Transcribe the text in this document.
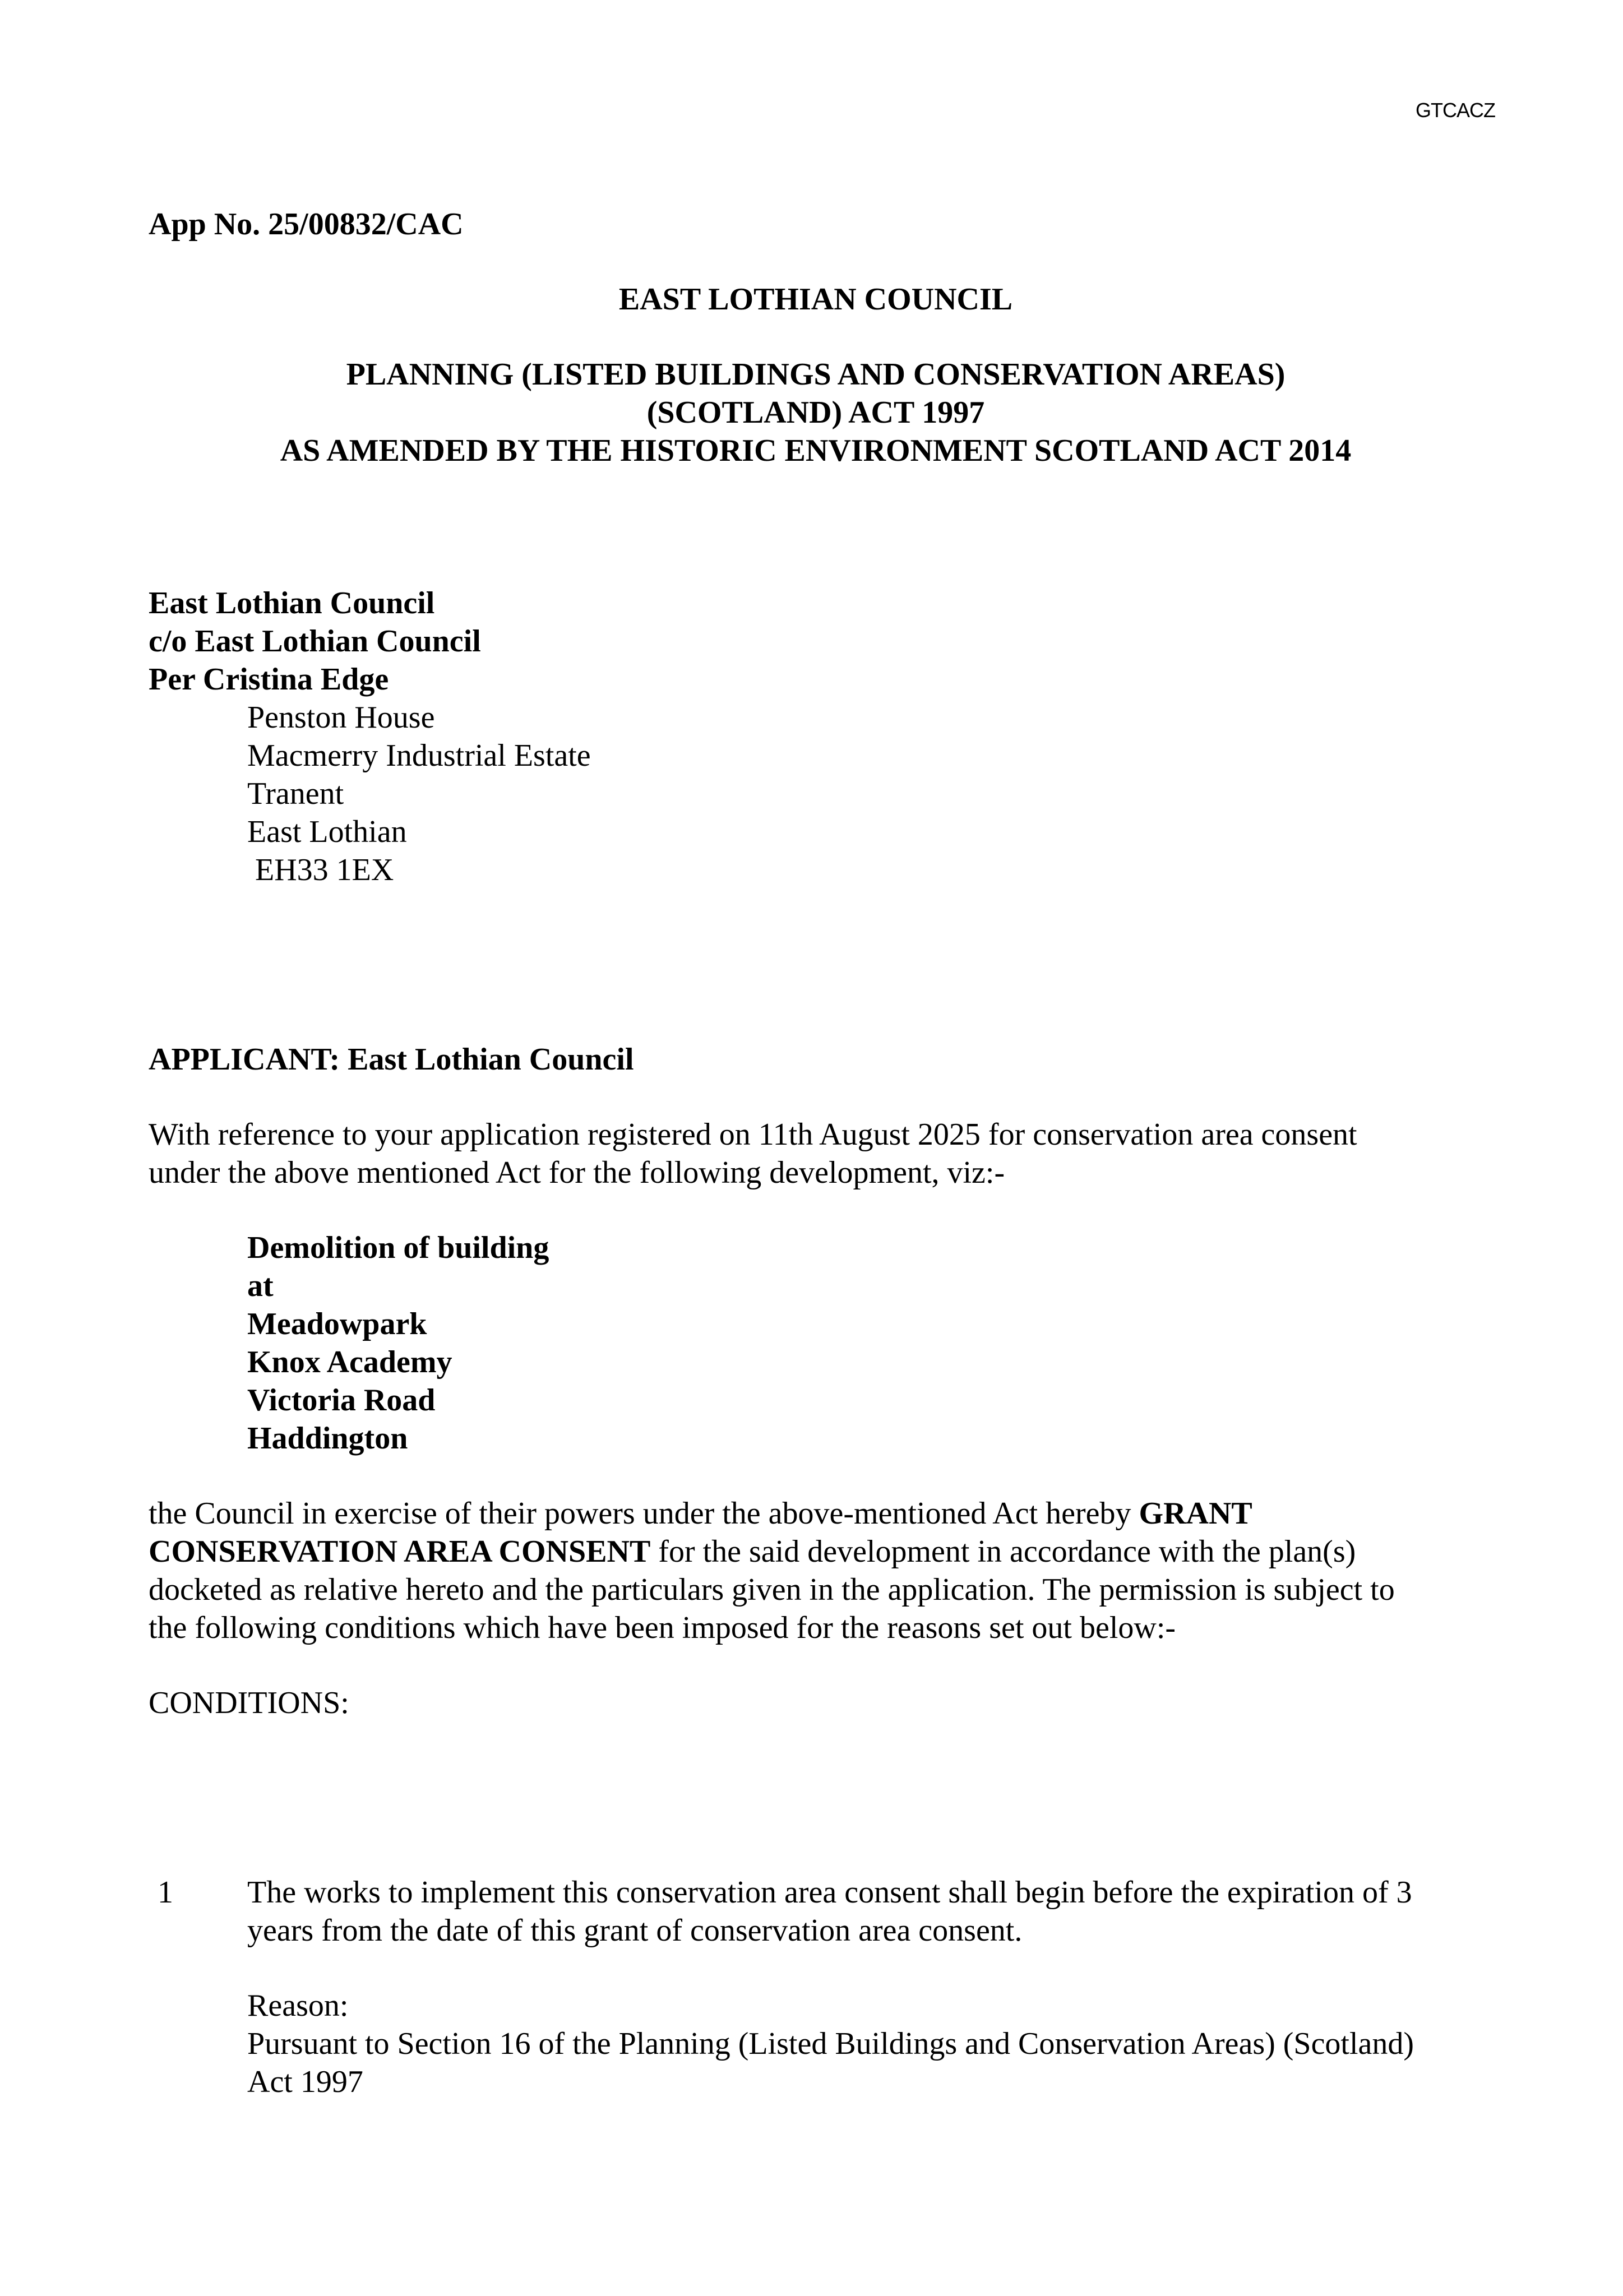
GTCACZ
App No. 25/00832/CAC
EAST LOTHIAN COUNCIL
PLANNING (LISTED BUILDINGS AND CONSERVATION AREAS)
(SCOTLAND) ACT 1997
AS AMENDED BY THE HISTORIC ENVIRONMENT SCOTLAND ACT 2014
East Lothian Council
c/o East Lothian Council
Per Cristina Edge
Penston House
Macmerry Industrial Estate
Tranent
East Lothian
EH33 1EX
APPLICANT: East Lothian Council
With reference to your application registered on 11th August 2025 for conservation area consent
under the above mentioned Act for the following development, viz:-
Demolition of building
at
Meadowpark
Knox Academy
Victoria Road
Haddington
the Council in exercise of their powers under the above-mentioned Act hereby GRANT
CONSERVATION AREA CONSENT for the said development in accordance with the plan(s)
docketed as relative hereto and the particulars given in the application. The permission is subject to
the following conditions which have been imposed for the reasons set out below:-
CONDITIONS:
1 The works to implement this conservation area consent shall begin before the expiration of 3
years from the date of this grant of conservation area consent.
Reason:
Pursuant to Section 16 of the Planning (Listed Buildings and Conservation Areas) (Scotland)
Act 1997
